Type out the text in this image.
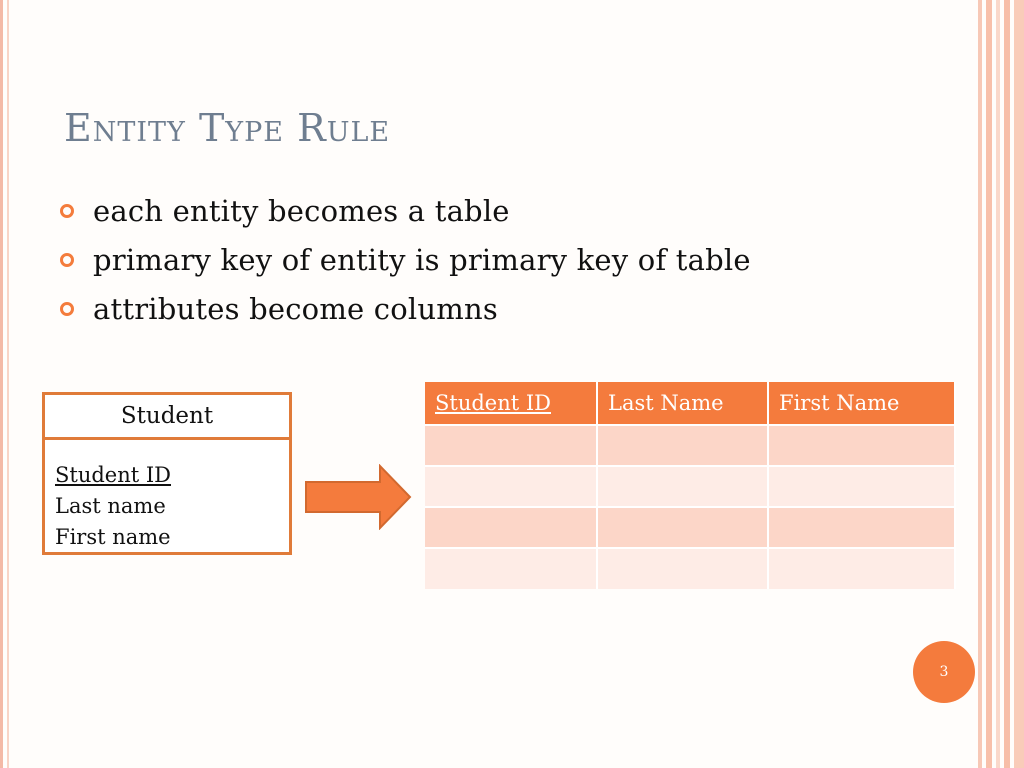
Entity Type Rule
each entity becomes a table
primary key of entity is primary key of table
attributes become columns
Student
Student ID
Last name
First name
Student ID	Last Name	First Name

3
